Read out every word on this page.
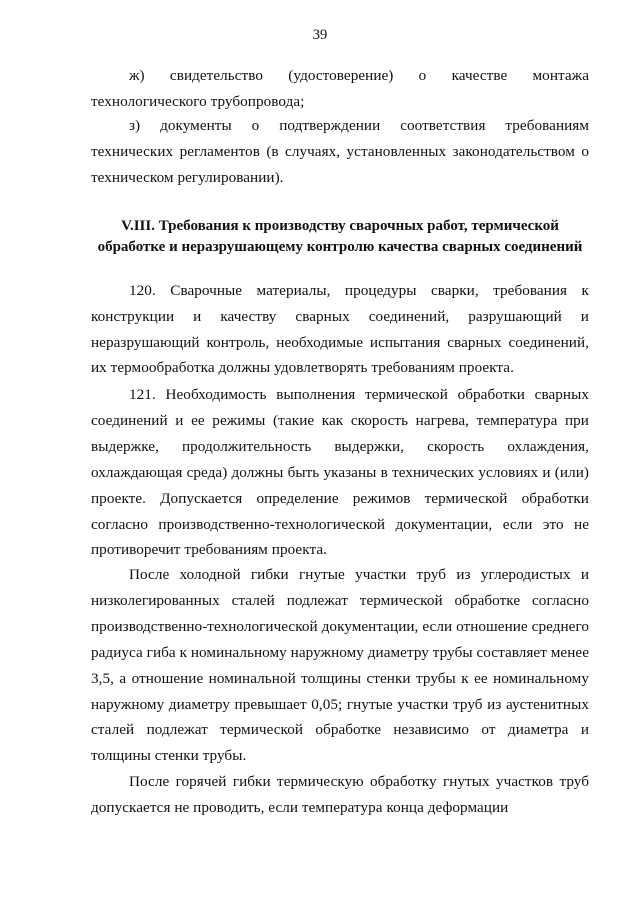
39

ж) свидетельство (удостоверение) о качестве монтажа технологического трубопровода;

з) документы о подтверждении соответствия требованиям технических регламентов (в случаях, установленных законодательством о техническом регулировании).

V.III. Требования к производству сварочных работ, термической обработке и неразрушающему контролю качества сварных соединений

120. Сварочные материалы, процедуры сварки, требования к конструкции и качеству сварных соединений, разрушающий и неразрушающий контроль, необходимые испытания сварных соединений, их термообработка должны удовлетворять требованиям проекта.

121. Необходимость выполнения термической обработки сварных соединений и ее режимы (такие как скорость нагрева, температура при выдержке, продолжительность выдержки, скорость охлаждения, охлаждающая среда) должны быть указаны в технических условиях и (или) проекте. Допускается определение режимов термической обработки согласно производственно-технологической документации, если это не противоречит требованиям проекта.

После холодной гибки гнутые участки труб из углеродистых и низколегированных сталей подлежат термической обработке согласно производственно-технологической документации, если отношение среднего радиуса гиба к номинальному наружному диаметру трубы составляет менее 3,5, а отношение номинальной толщины стенки трубы к ее номинальному наружному диаметру превышает 0,05; гнутые участки труб из аустенитных сталей подлежат термической обработке независимо от диаметра и толщины стенки трубы.

После горячей гибки термическую обработку гнутых участков труб допускается не проводить, если температура конца деформации
